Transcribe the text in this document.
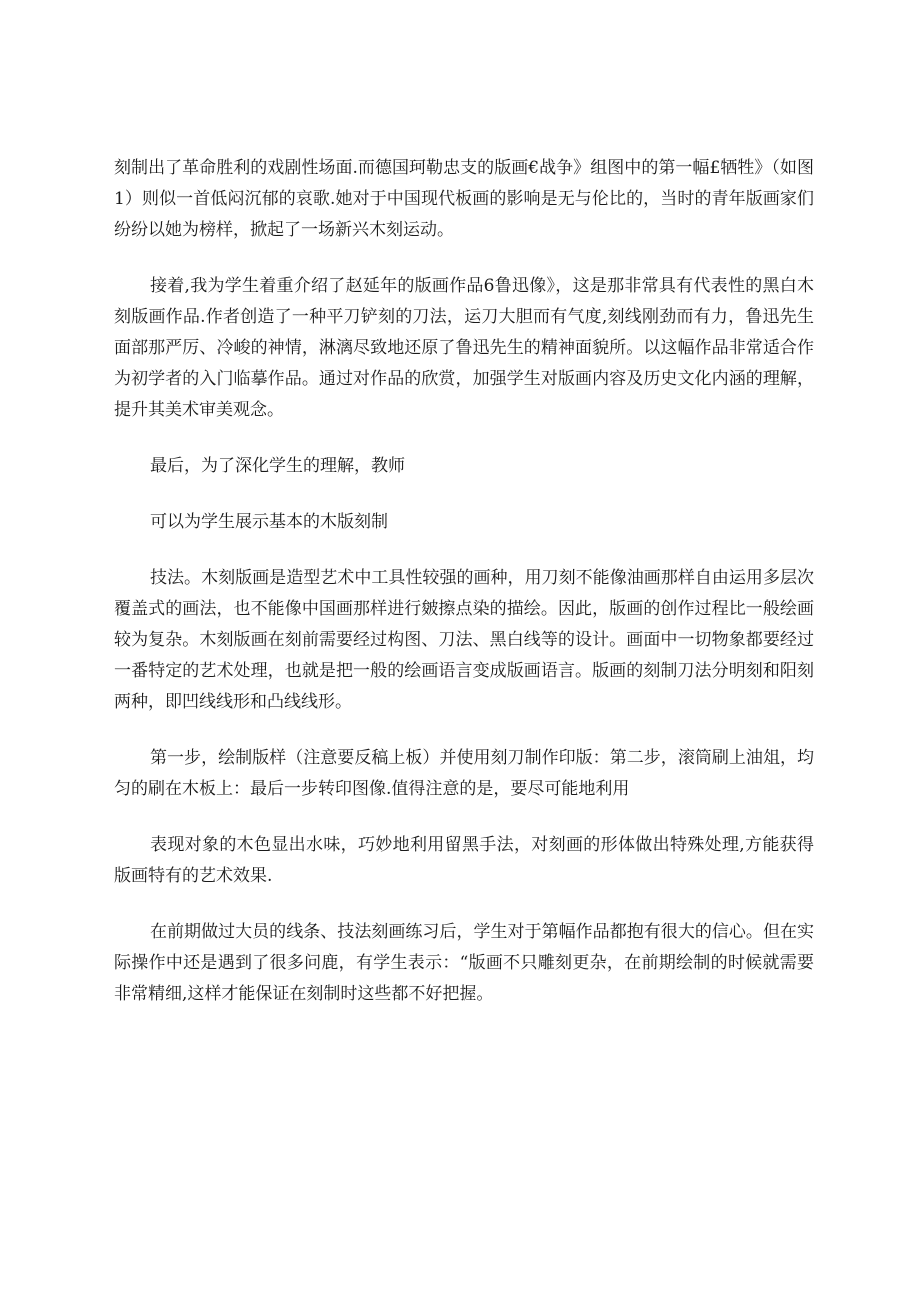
刻制出了革命胜利的戏剧性场面.而德国珂勒忠支的版画€战争》组图中的第一幅£牺牲》（如图1）则似一首低闷沉郁的哀歌.她对于中国现代板画的影响是无与伦比的，当时的青年版画家们纷纷以她为榜样，掀起了一场新兴木刻运动。

接着,我为学生着重介绍了赵延年的版画作品6鲁迅像》，这是那非常具有代表性的黑白木刻版画作品.作者创造了一种平刀铲刻的刀法，运刀大胆而有气度,刻线刚劲而有力，鲁迅先生面部那严厉、冷峻的神情，淋漓尽致地还原了鲁迅先生的精神面貌所。以这幅作品非常适合作为初学者的入门临摹作品。通过对作品的欣赏，加强学生对版画内容及历史文化内涵的理解，提升其美术审美观念。

最后，为了深化学生的理解，教师

可以为学生展示基本的木版刻制

技法。木刻版画是造型艺术中工具性较强的画种，用刀刻不能像油画那样自由运用多层次覆盖式的画法，也不能像中国画那样进行皴擦点染的描绘。因此，版画的创作过程比一般绘画较为复杂。木刻版画在刻前需要经过构图、刀法、黑白线等的设计。画面中一切物象都要经过一番特定的艺术处理，也就是把一般的绘画语言变成版画语言。版画的刻制刀法分明刻和阳刻两种，即凹线线形和凸线线形。

第一步，绘制版样（注意要反稿上板）并使用刻刀制作印版：第二步，滚筒刷上油俎，均匀的刷在木板上：最后一步转印图像.值得注意的是，要尽可能地利用

表现对象的木色显出水味，巧妙地利用留黑手法，对刻画的形体做出特殊处理,方能获得版画特有的艺术效果.

在前期做过大员的线条、技法刻画练习后，学生对于第幅作品都抱有很大的信心。但在实际操作中还是遇到了很多问鹿，有学生表示：“版画不只雕刻更杂，在前期绘制的时候就需要非常精细,这样才能保证在刻制时这些都不好把握。
